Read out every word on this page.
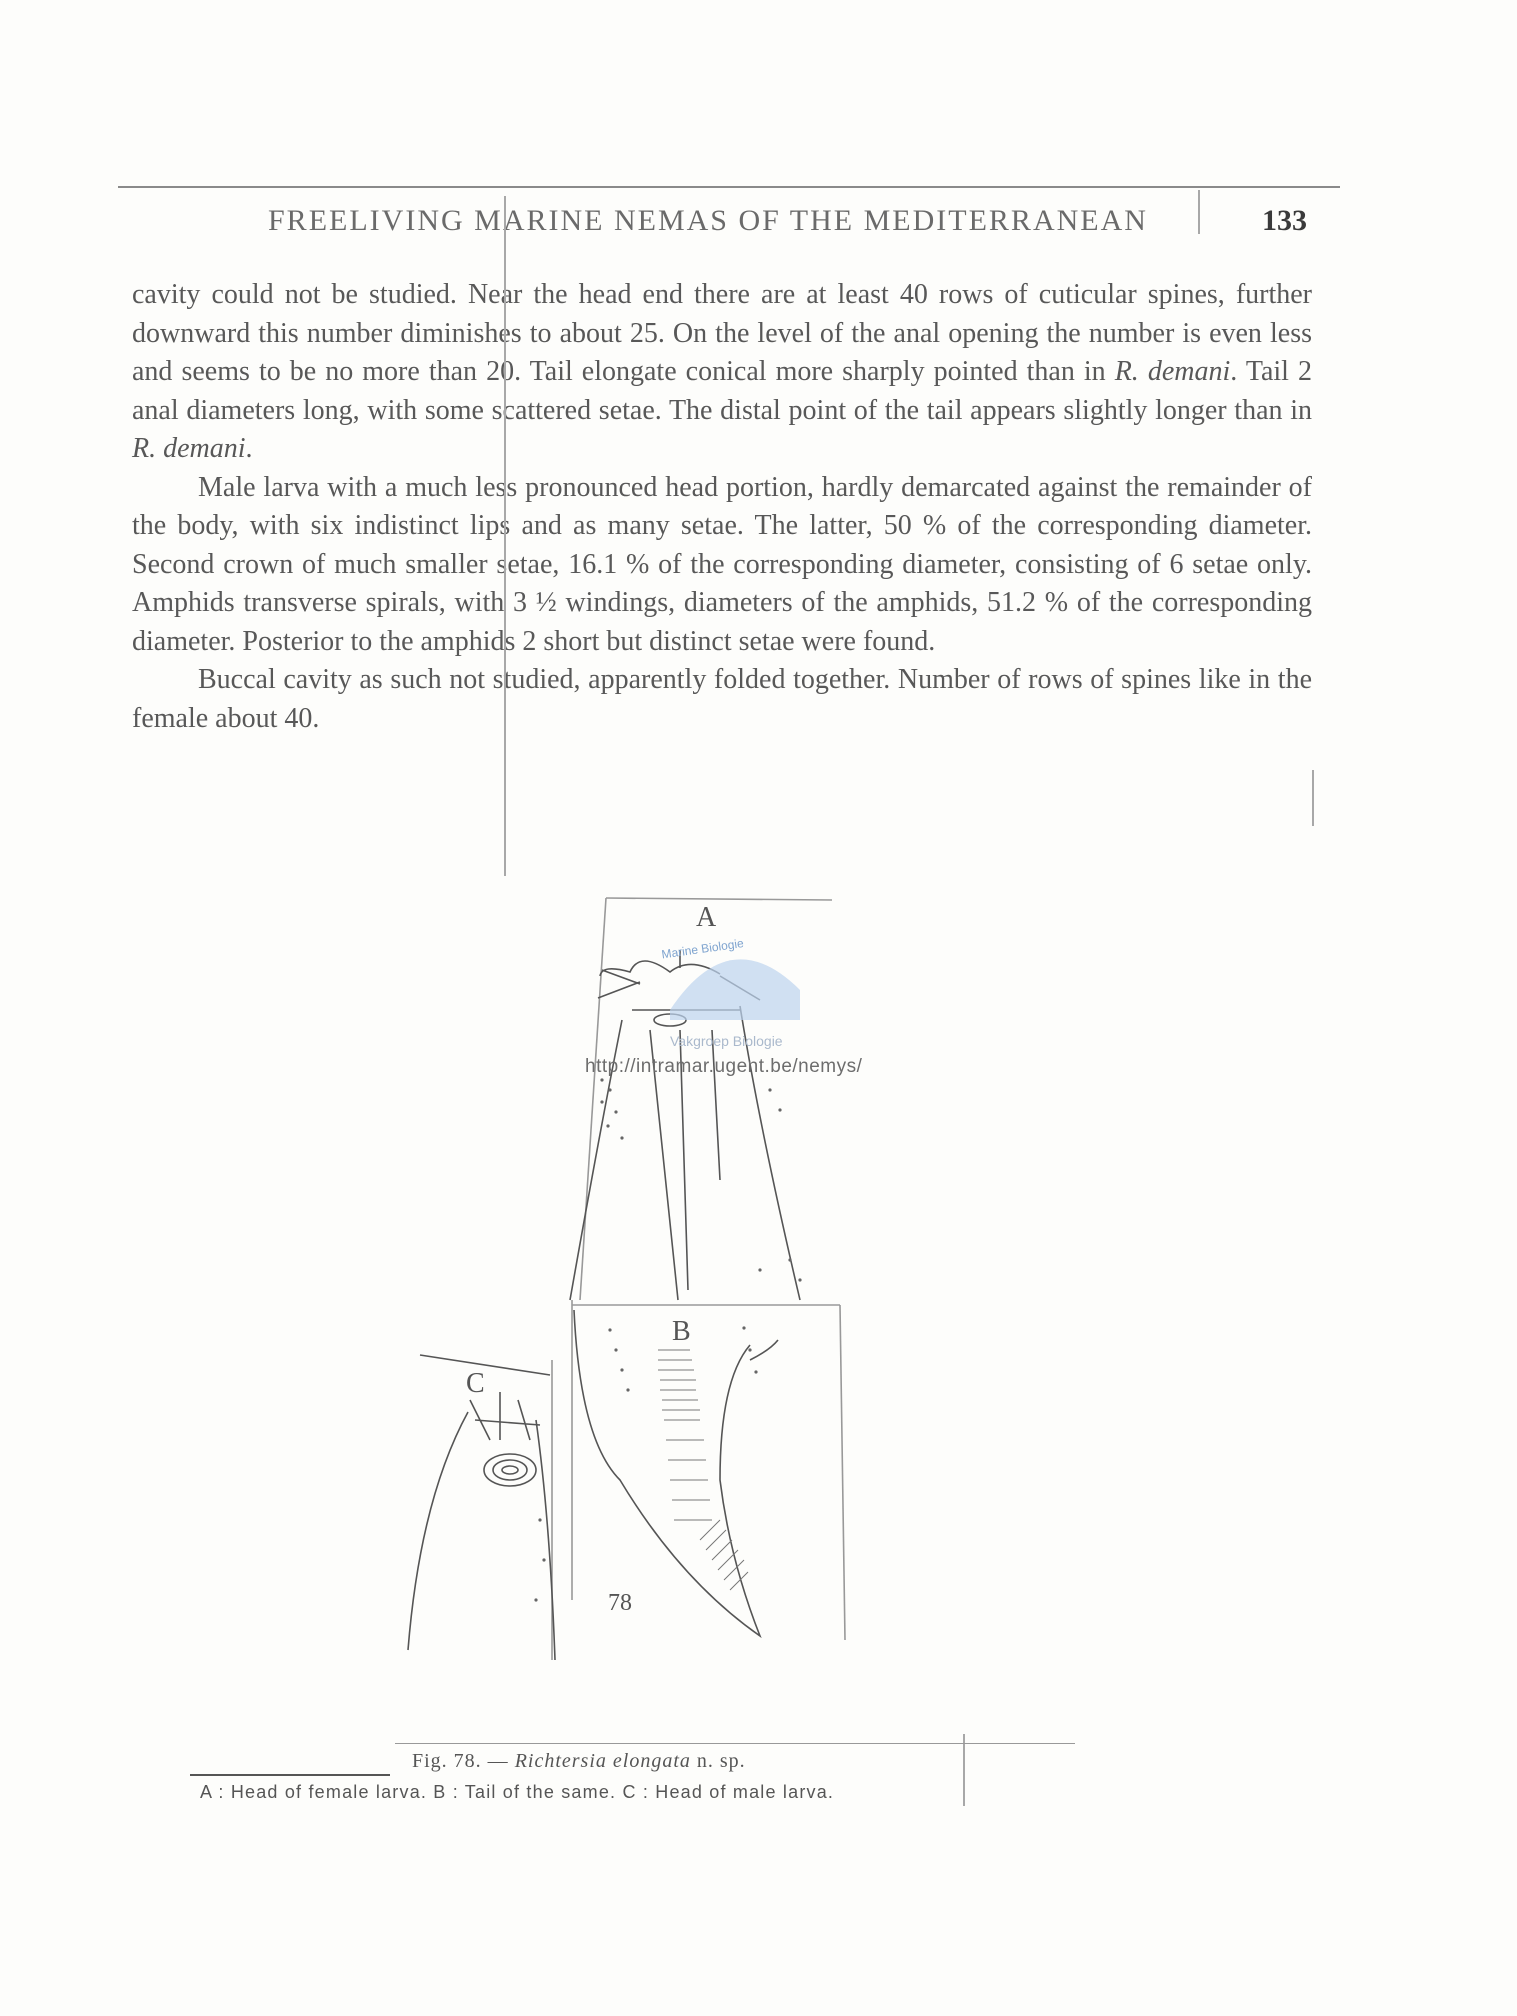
FREELIVING MARINE NEMAS OF THE MEDITERRANEAN	133

cavity could not be studied. Near the head end there are at least 40 rows of cuticular spines, further downward this number diminishes to about 25. On the level of the anal opening the number is even less and seems to be no more than 20. Tail elongate conical more sharply pointed than in R. demani. Tail 2 anal diameters long, with some scattered setae. The distal point of the tail appears slightly longer than in R. demani.

Male larva with a much less pronounced head portion, hardly demarcated against the remainder of the body, with six indistinct lips and as many setae. The latter, 50 % of the corresponding diameter. Second crown of much smaller setae, 16.1 % of the corresponding diameter, consisting of 6 setae only. Amphids transverse spirals, with 3 ½ windings, diameters of the amphids, 51.2 % of the corresponding diameter. Posterior to the amphids 2 short but distinct setae were found.

Buccal cavity as such not studied, apparently folded together. Number of rows of spines like in the female about 40.

A
B
C
78
Marine Biologie
Vakgroep Biologie
http://intramar.ugent.be/nemys/
Fig. 78. — Richtersia elongata n. sp.
A : Head of female larva. B : Tail of the same. C : Head of male larva.
